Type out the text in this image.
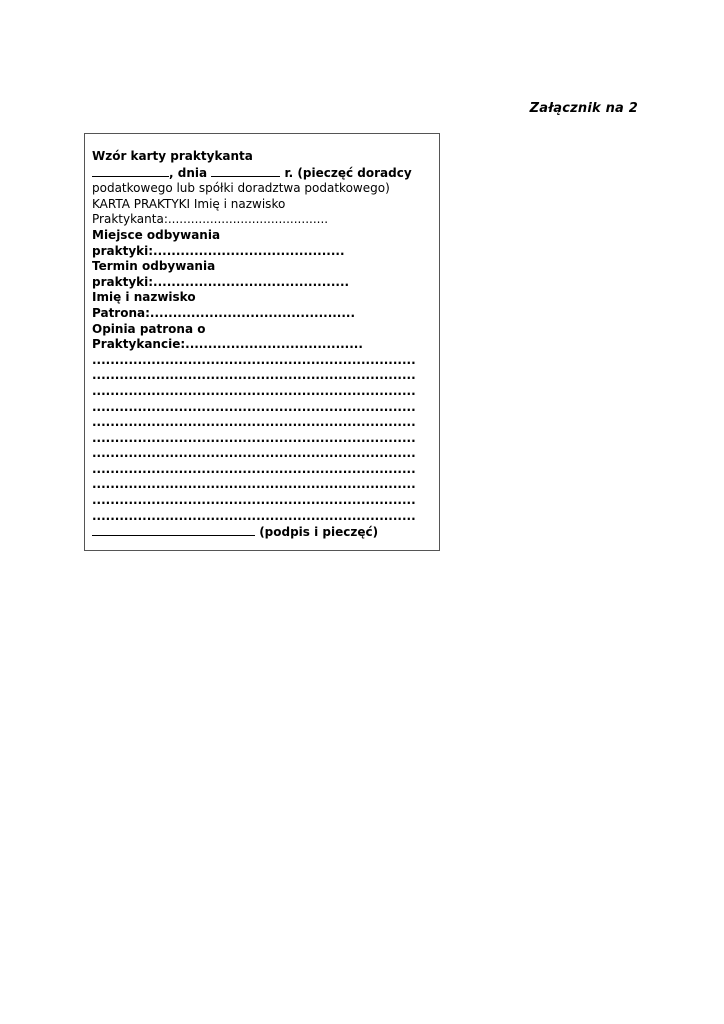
Załącznik na 2
Wzór karty praktykanta
, dnia	r. (pieczęć doradcy
podatkowego lub spółki doradztwa podatkowego)
KARTA PRAKTYKI Imię i nazwisko
Praktykanta:..........................................
Miejsce odbywania
praktyki:..........................................
Termin odbywania
praktyki:...........................................
Imię i nazwisko
Patrona:.............................................
Opinia patrona o
Praktykancie:.......................................
.......................................................................
.......................................................................
.......................................................................
.......................................................................
.......................................................................
.......................................................................
.......................................................................
.......................................................................
.......................................................................
.......................................................................
.......................................................................
(podpis i pieczęć)
